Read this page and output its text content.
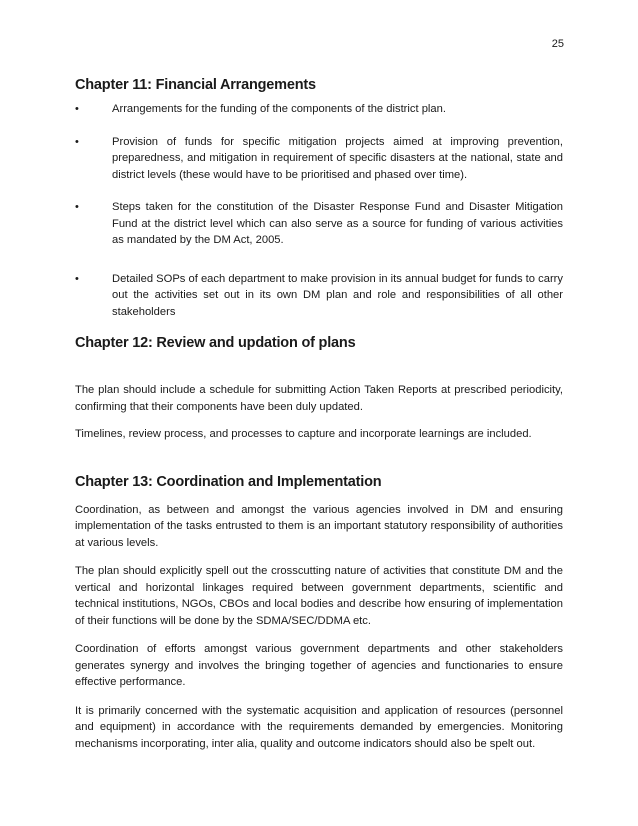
25
Chapter 11: Financial Arrangements
•	Arrangements for the funding of the components of the district plan.
•	Provision of funds for specific mitigation projects aimed at improving prevention, preparedness, and mitigation in requirement of specific disasters at the national, state and district levels (these would have to be prioritised and phased over time).
•	Steps taken for the constitution of the Disaster Response Fund and Disaster Mitigation Fund at the district level which can also serve as a source for funding of various activities as mandated by the DM Act, 2005.
•	Detailed SOPs of each department to make provision in its annual budget for funds to carry out the activities set out in its own DM plan and role and responsibilities of all other stakeholders
Chapter 12: Review and updation of plans

The plan should include a schedule for submitting Action Taken Reports at prescribed periodicity, confirming that their components have been duly updated.

Timelines, review process, and processes to capture and incorporate learnings are included.

Chapter 13: Coordination and Implementation

Coordination, as between and amongst the various agencies involved in DM and ensuring implementation of the tasks entrusted to them is an important statutory responsibility of authorities at various levels.

The plan should explicitly spell out the crosscutting nature of activities that constitute DM and the vertical and horizontal linkages required between government departments, scientific and technical institutions, NGOs, CBOs and local bodies and describe how ensuring of implementation of their functions will be done by the SDMA/SEC/DDMA etc.

Coordination of efforts amongst various government departments and other stakeholders generates synergy and involves the bringing together of agencies and functionaries to ensure effective performance.

It is primarily concerned with the systematic acquisition and application of resources (personnel and equipment) in accordance with the requirements demanded by emergencies. Monitoring mechanisms incorporating, inter alia, quality and outcome indicators should also be spelt out.
